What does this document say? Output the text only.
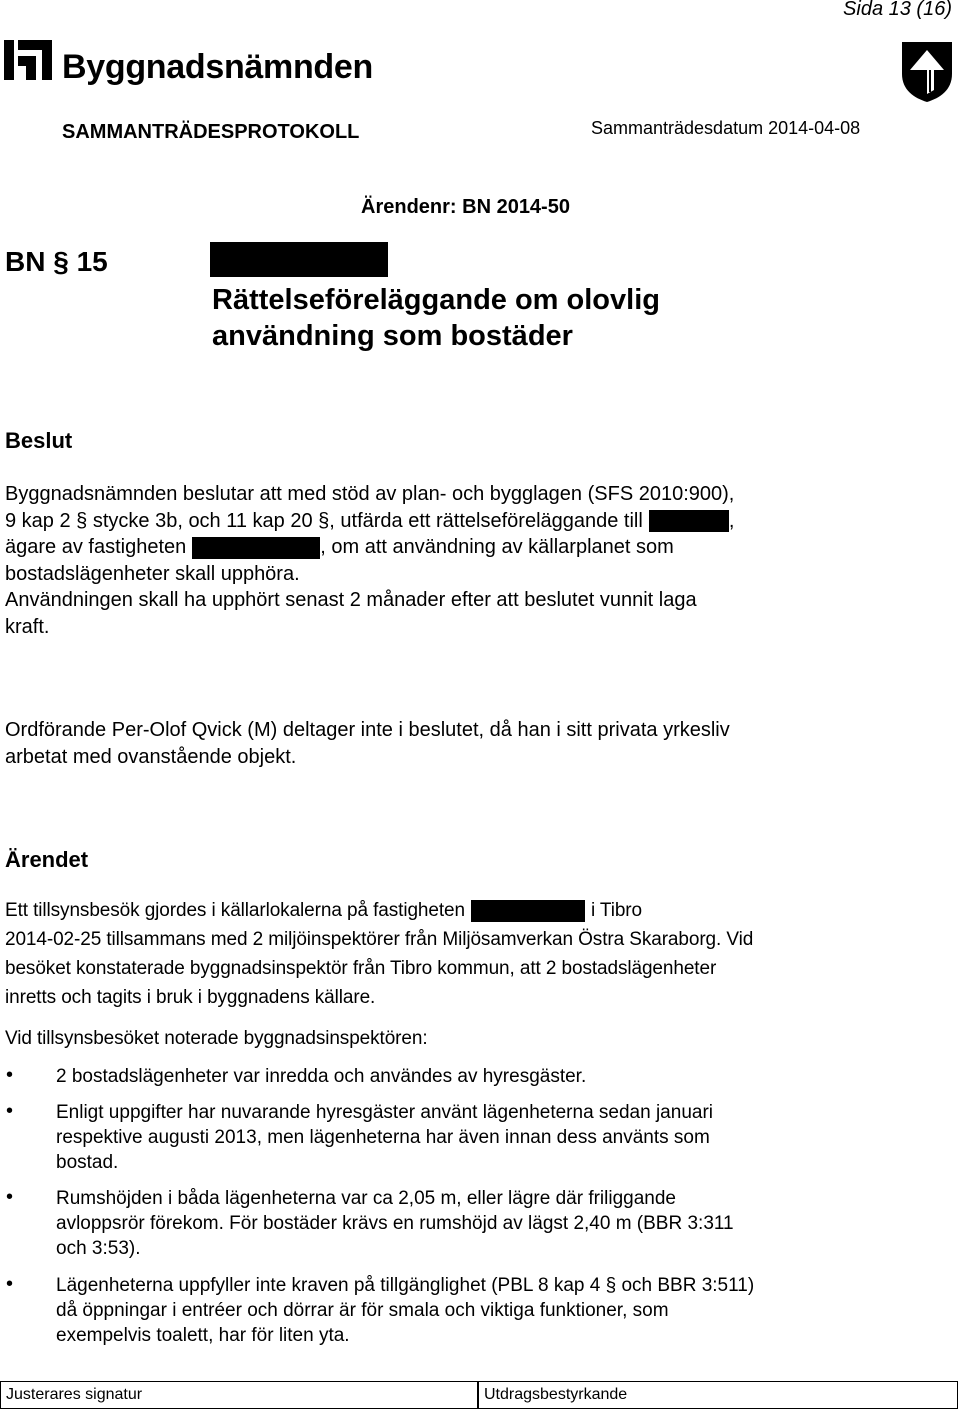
Sida 13 (16)
Byggnadsnämnden
SAMMANTRÄDESPROTOKOLL	Sammanträdesdatum 2014-04-08
Ärendenr: BN 2014-50
BN § 15
Rättelseföreläggande om olovlig
användning som bostäder
Beslut
Byggnadsnämnden beslutar att med stöd av plan- och bygglagen (SFS 2010:900),
9 kap 2 § stycke 3b, och 11 kap 20 §, utfärda ett rättelseföreläggande till	,
ägare av fastigheten	, om att användning av källarplanet som
bostadslägenheter skall upphöra.
Användningen skall ha upphört senast 2 månader efter att beslutet vunnit laga
kraft.
Ordförande Per-Olof Qvick (M) deltager inte i beslutet, då han i sitt privata yrkesliv
arbetat med ovanstående objekt.
Ärendet
Ett tillsynsbesök gjordes i källarlokalerna på fastigheten	i Tibro
2014-02-25 tillsammans med 2 miljöinspektörer från Miljösamverkan Östra Skaraborg. Vid
besöket konstaterade byggnadsinspektör från Tibro kommun, att 2 bostadslägenheter
inretts och tagits i bruk i byggnadens källare.
Vid tillsynsbesöket noterade byggnadsinspektören:
• 2 bostadslägenheter var inredda och användes av hyresgäster.
• Enligt uppgifter har nuvarande hyresgäster använt lägenheterna sedan januari
respektive augusti 2013, men lägenheterna har även innan dess använts som
bostad.
• Rumshöjden i båda lägenheterna var ca 2,05 m, eller lägre där friliggande
avloppsrör förekom. För bostäder krävs en rumshöjd av lägst 2,40 m (BBR 3:311
och 3:53).
• Lägenheterna uppfyller inte kraven på tillgänglighet (PBL 8 kap 4 § och BBR 3:511)
då öppningar i entréer och dörrar är för smala och viktiga funktioner, som
exempelvis toalett, har för liten yta.
Justerares signatur	Utdragsbestyrkande
